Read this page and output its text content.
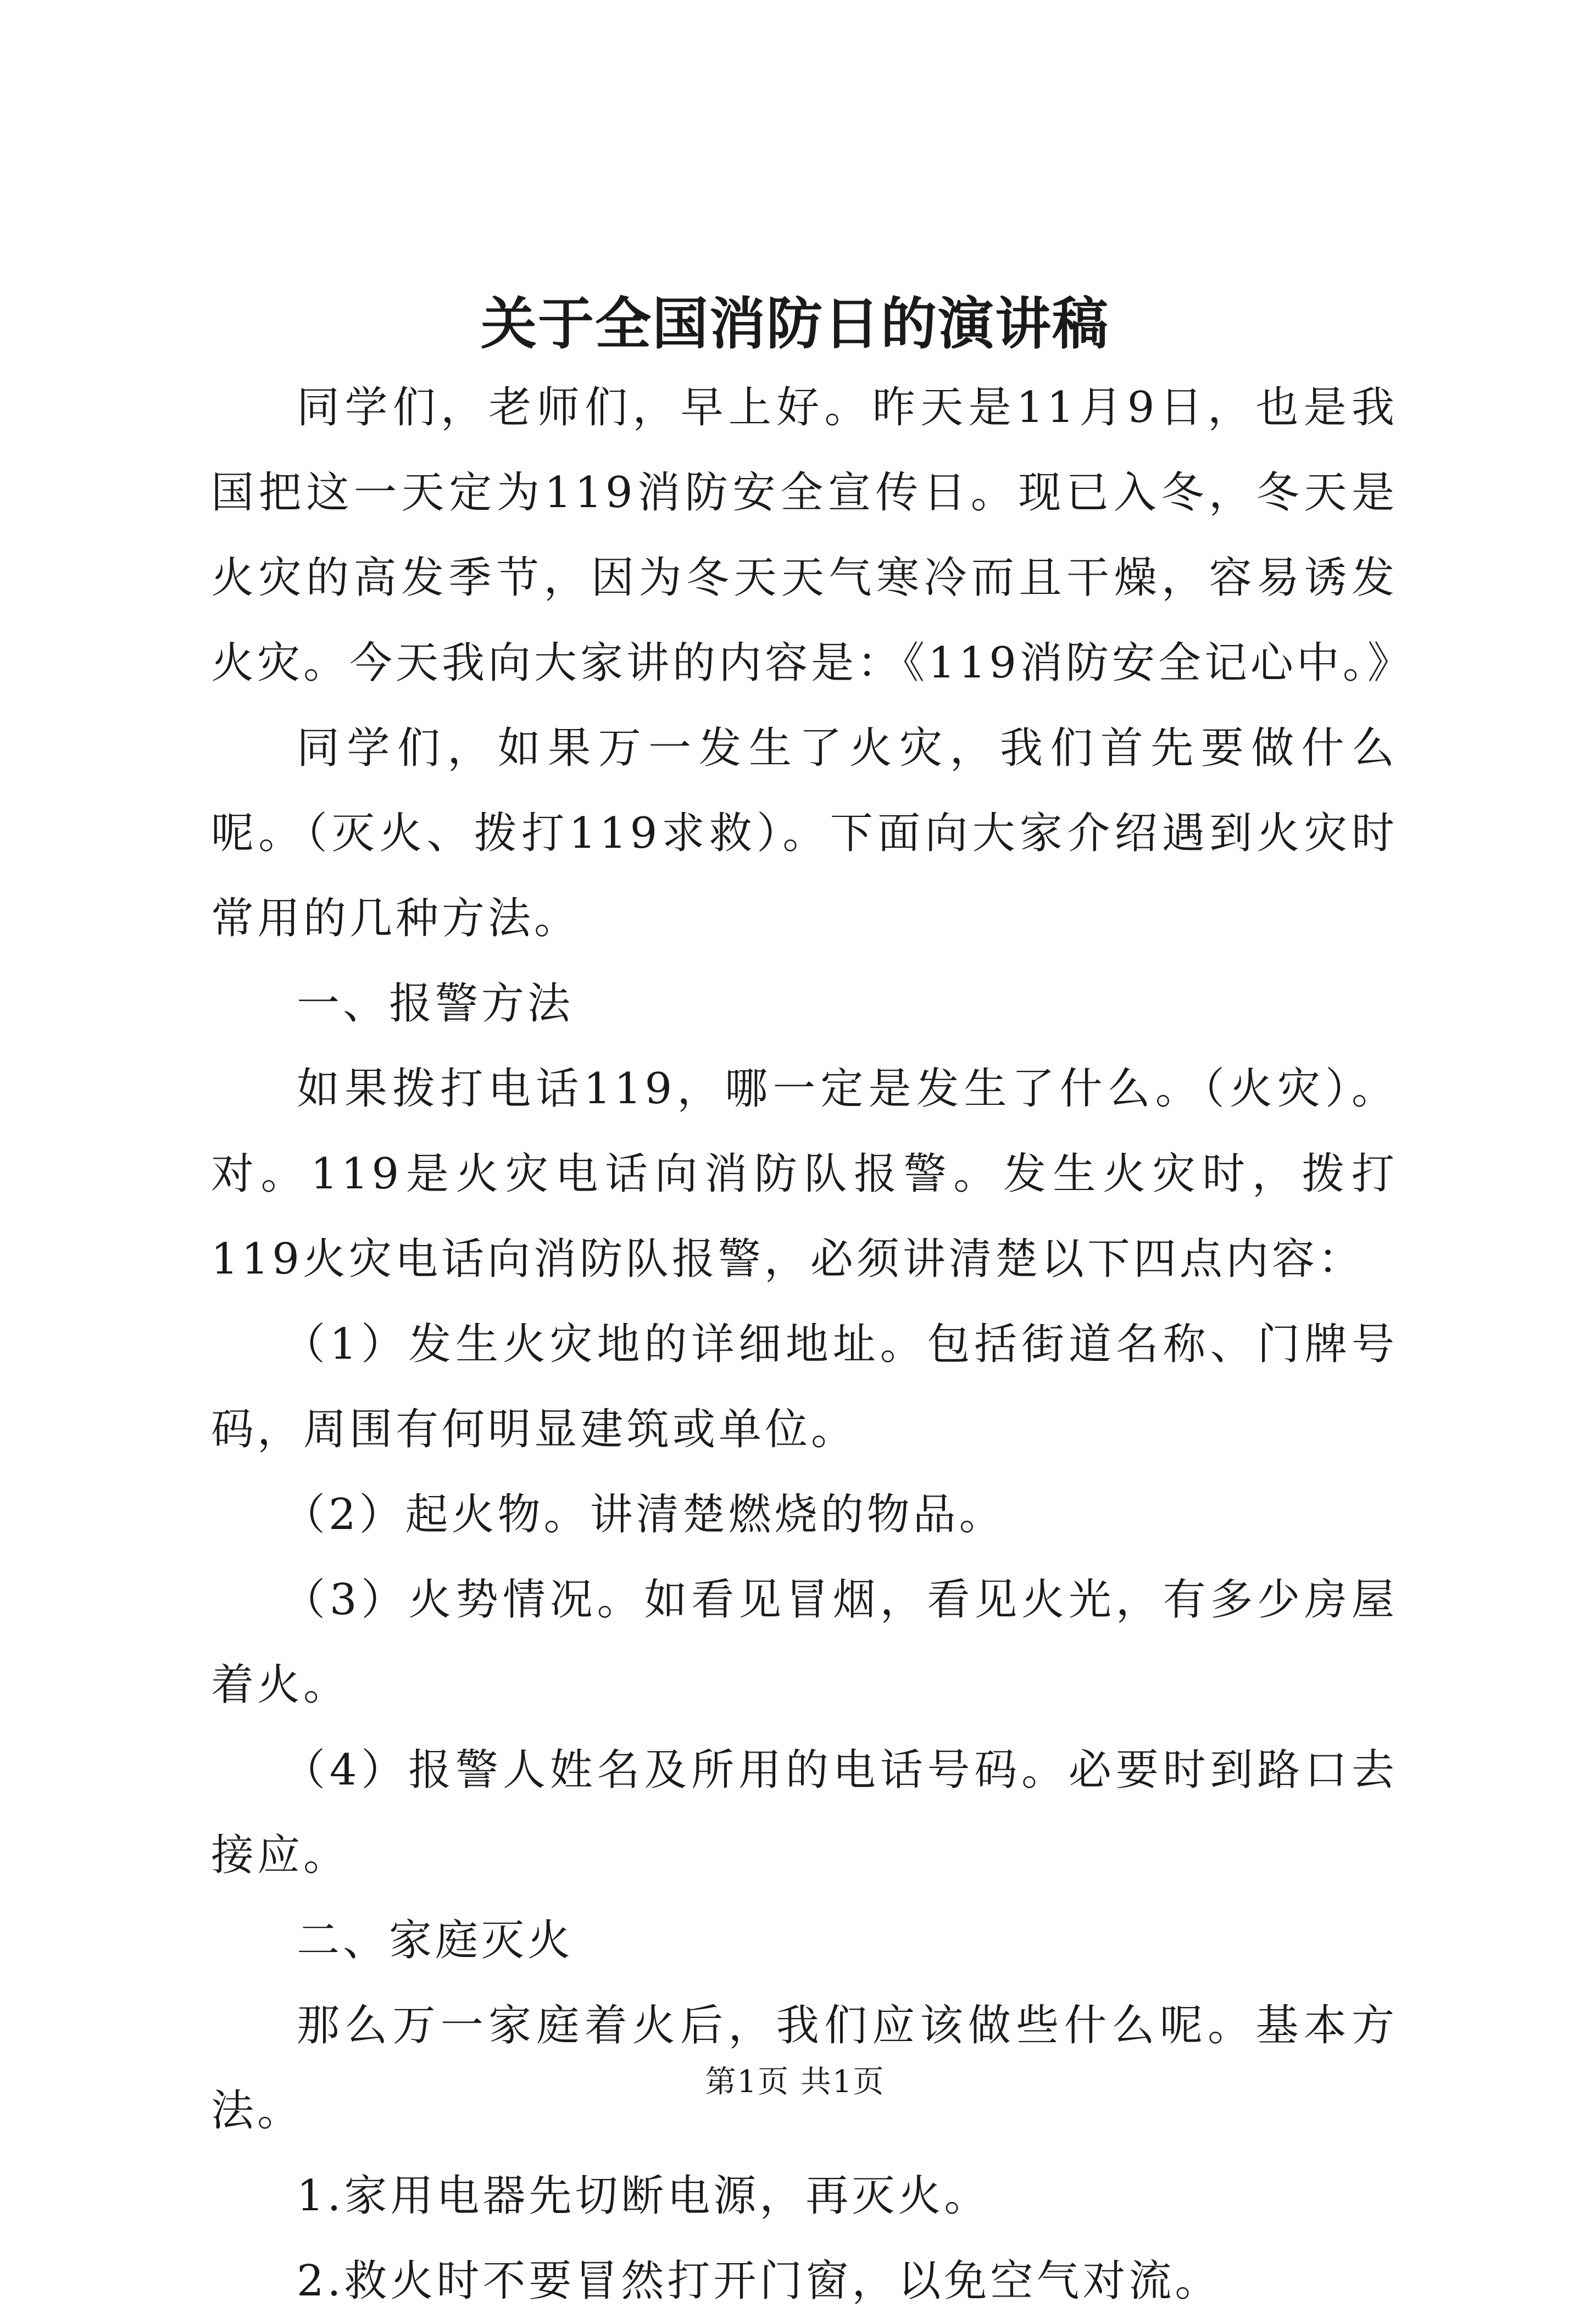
关于全国消防日的演讲稿

同学们，老师们，早上好。昨天是11月9日，也是我国把这一天定为119消防安全宣传日。现已入冬，冬天是火灾的高发季节，因为冬天天气寒冷而且干燥，容易诱发火灾。今天我向大家讲的内容是：《119消防安全记心中。》

同学们，如果万一发生了火灾，我们首先要做什么呢。（灭火、拨打119求救）。下面向大家介绍遇到火灾时常用的几种方法。

一、报警方法

如果拨打电话119，哪一定是发生了什么。（火灾）。对。119是火灾电话向消防队报警。发生火灾时，拨打119火灾电话向消防队报警，必须讲清楚以下四点内容：

（1）发生火灾地的详细地址。包括街道名称、门牌号码，周围有何明显建筑或单位。

（2）起火物。讲清楚燃烧的物品。

（3）火势情况。如看见冒烟，看见火光，有多少房屋着火。

（4）报警人姓名及所用的电话号码。必要时到路口去接应。

二、家庭灭火

那么万一家庭着火后，我们应该做些什么呢。基本方法。

1.家用电器先切断电源，再灭火。

2.救火时不要冒然打开门窗，以免空气对流。

第1页 共1页
